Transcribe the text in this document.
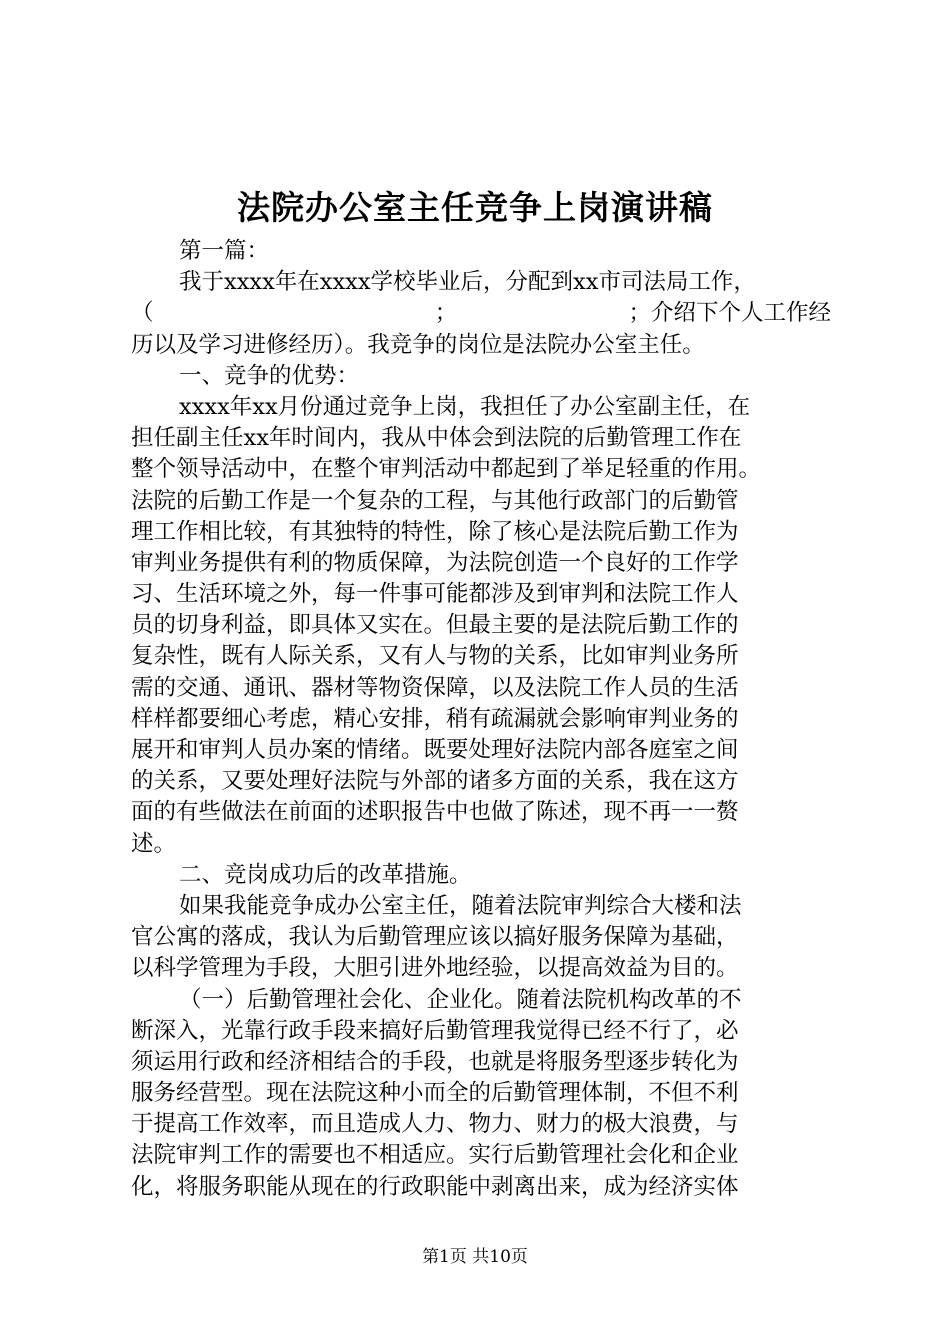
法院办公室主任竞争上岗演讲稿
第一篇：
我于xxxx年在xxxx学校毕业后，分配到xx市司法局工作，
（	；	；介绍下个人工作经
历以及学习进修经历）。我竞争的岗位是法院办公室主任。
一、竞争的优势：
xxxx年xx月份通过竞争上岗，我担任了办公室副主任，在
担任副主任xx年时间内，我从中体会到法院的后勤管理工作在
整个领导活动中，在整个审判活动中都起到了举足轻重的作用。
法院的后勤工作是一个复杂的工程，与其他行政部门的后勤管
理工作相比较，有其独特的特性，除了核心是法院后勤工作为
审判业务提供有利的物质保障，为法院创造一个良好的工作学
习、生活环境之外，每一件事可能都涉及到审判和法院工作人
员的切身利益，即具体又实在。但最主要的是法院后勤工作的
复杂性，既有人际关系，又有人与物的关系，比如审判业务所
需的交通、通讯、器材等物资保障，以及法院工作人员的生活
样样都要细心考虑，精心安排，稍有疏漏就会影响审判业务的
展开和审判人员办案的情绪。既要处理好法院内部各庭室之间
的关系，又要处理好法院与外部的诸多方面的关系，我在这方
面的有些做法在前面的述职报告中也做了陈述，现不再一一赘
述。
二、竞岗成功后的改革措施。
如果我能竞争成办公室主任，随着法院审判综合大楼和法
官公寓的落成，我认为后勤管理应该以搞好服务保障为基础，
以科学管理为手段，大胆引进外地经验，以提高效益为目的。
（一）后勤管理社会化、企业化。随着法院机构改革的不
断深入，光靠行政手段来搞好后勤管理我觉得已经不行了，必
须运用行政和经济相结合的手段，也就是将服务型逐步转化为
服务经营型。现在法院这种小而全的后勤管理体制，不但不利
于提高工作效率，而且造成人力、物力、财力的极大浪费，与
法院审判工作的需要也不相适应。实行后勤管理社会化和企业
化，将服务职能从现在的行政职能中剥离出来，成为经济实体
第1页 共10页
